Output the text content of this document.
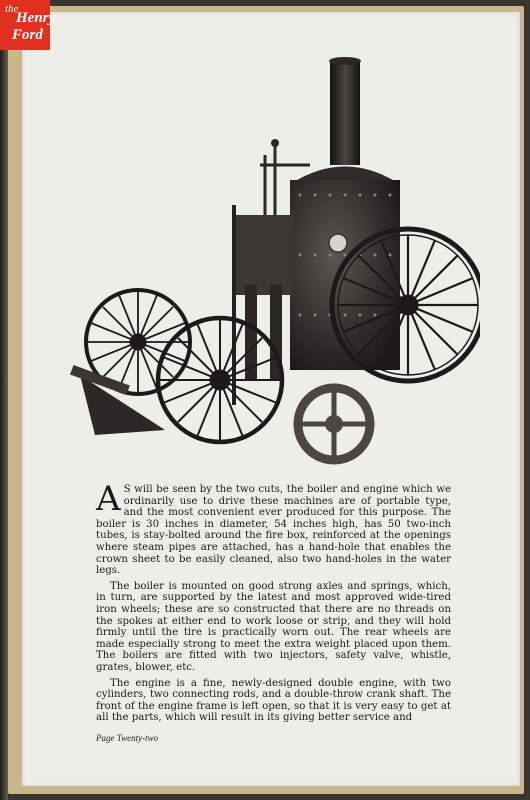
the
Henry
Ford

A S will be seen by the two cuts, the boiler and engine which we ordinarily use to drive these machines are of portable type, and the most convenient ever produced for this purpose. The boiler is 30 inches in diameter, 54 inches high, has 50 two-inch tubes, is stay-bolted around the fire box, reinforced at the openings where steam pipes are attached, has a hand-hole that enables the crown sheet to be easily cleaned, also two hand-holes in the water legs.

The boiler is mounted on good strong axles and springs, which, in turn, are supported by the latest and most approved wide-tired iron wheels; these are so constructed that there are no threads on the spokes at either end to work loose or strip, and they will hold firmly until the tire is practically worn out. The rear wheels are made especially strong to meet the extra weight placed upon them. The boilers are fitted with two injectors, safety valve, whistle, grates, blower, etc.

The engine is a fine, newly-designed double engine, with two cylinders, two connecting rods, and a double-throw crank shaft. The front of the engine frame is left open, so that it is very easy to get at all the parts, which will result in its giving better service and

Page Twenty-two
